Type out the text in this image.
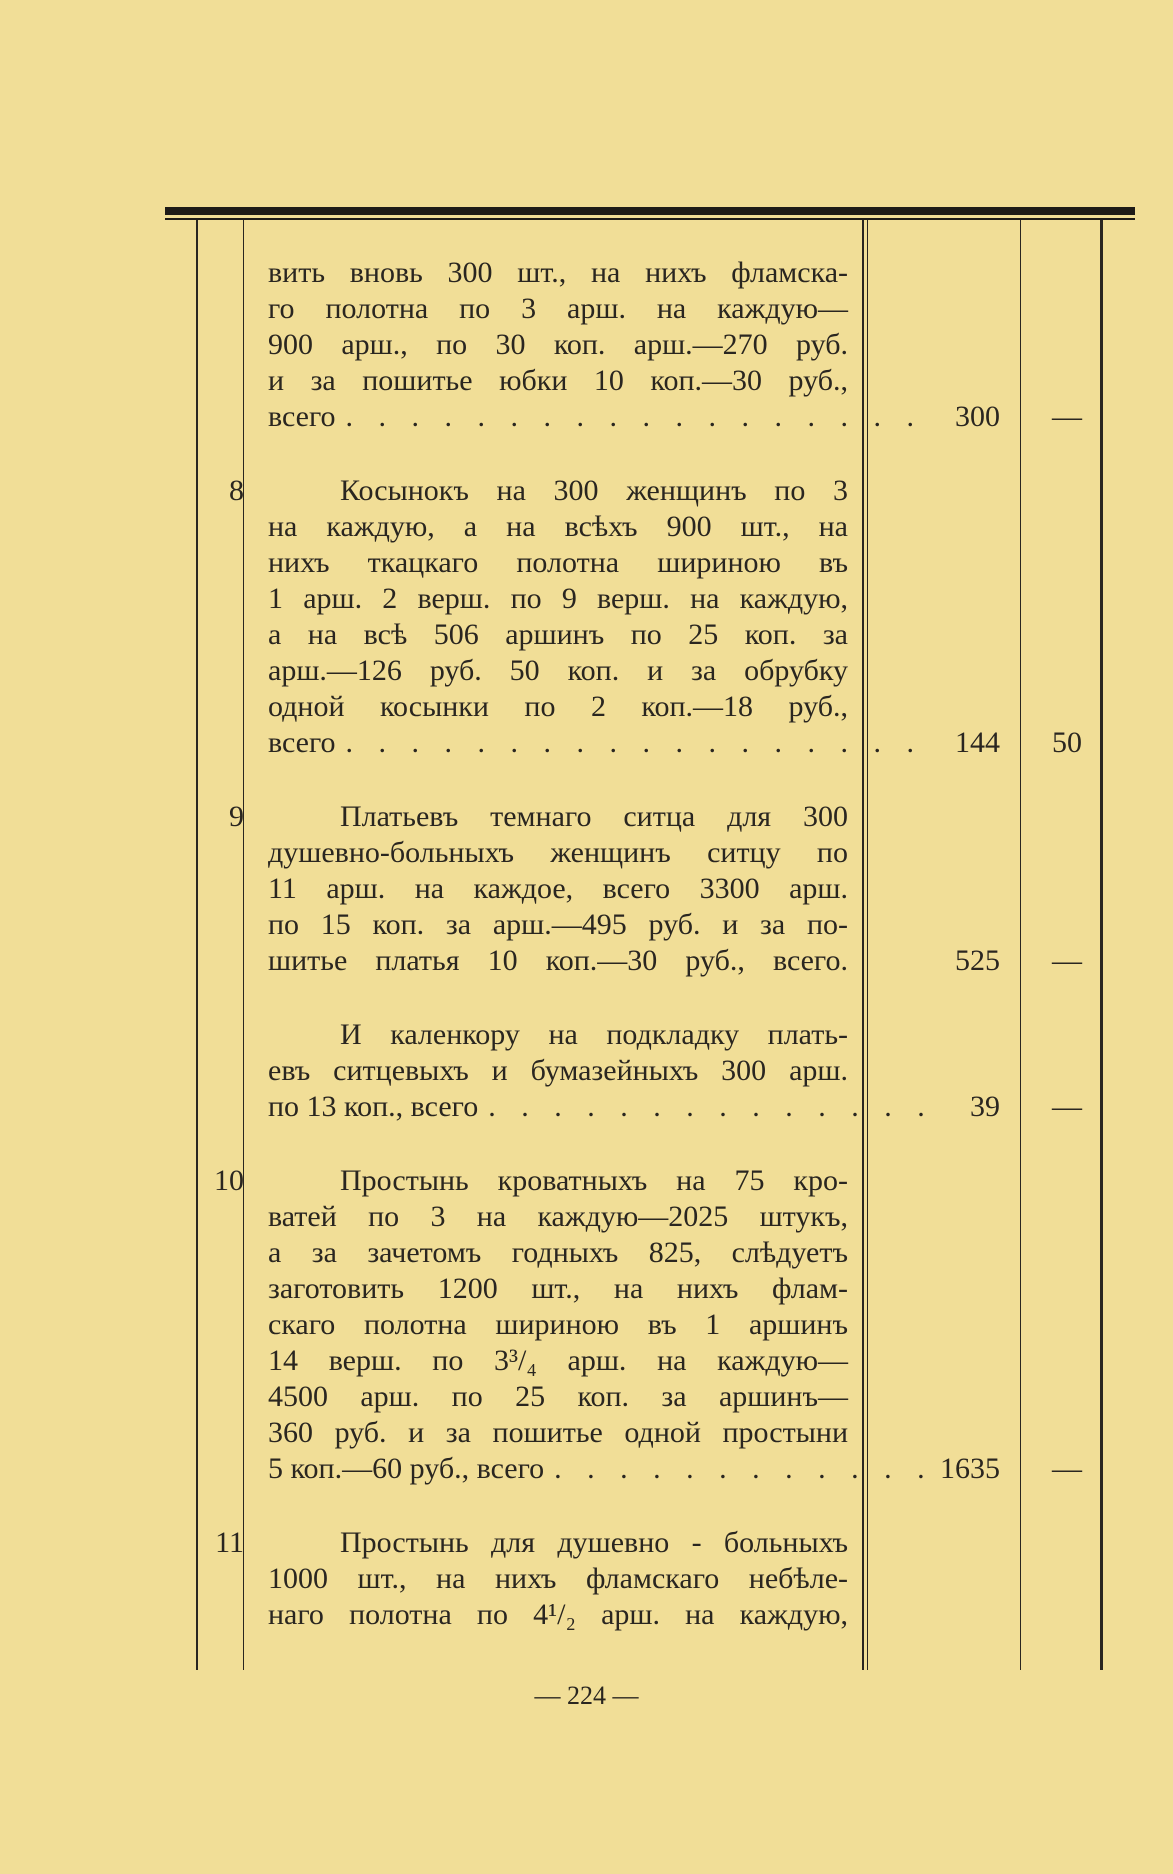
вить вновь 300 шт., на нихъ фламска-
го полотна по 3 арш. на каждую—
900 арш., по 30 коп. арш.—270 руб.
и за пошитье юбки 10 коп.—30 руб.,
всего . . . . . . . . . . . . . . . . . .	300	—
8	Косынокъ на 300 женщинъ по 3
на каждую, а на всѣхъ 900 шт., на
нихъ ткацкаго полотна шириною въ
1 арш. 2 верш. по 9 верш. на каждую,
а на всѣ 506 аршинъ по 25 коп. за
арш.—126 руб. 50 коп. и за обрубку
одной косынки по 2 коп.—18 руб.,
всего . . . . . . . . . . . . . . . . . .	144	50
9	Платьевъ темнаго ситца для 300
душевно-больныхъ женщинъ ситцу по
11 арш. на каждое, всего 3300 арш.
по 15 коп. за арш.—495 руб. и за по-
шитье платья 10 коп.—30 руб., всего.	525	—
И каленкору на подкладку плать-
евъ ситцевыхъ и бумазейныхъ 300 арш.
по 13 коп., всего . . . . . . . . . . . . . .	39	—
10	Простынь кроватныхъ на 75 кро-
ватей по 3 на каждую—2025 штукъ,
а за зачетомъ годныхъ 825, слѣдуетъ
заготовить 1200 шт., на нихъ флам-
скаго полотна шириною въ 1 аршинъ
14 верш. по 3³/₄ арш. на каждую—
4500 арш. по 25 коп. за аршинъ—
360 руб. и за пошитье одной простыни
5 коп.—60 руб., всего . . . . . . . . . . . . 1635	—
11	Простынь для душевно - больныхъ
1000 шт., на нихъ фламскаго небѣле-
наго полотна по 4¹/₂ арш. на каждую,
— 224 —
